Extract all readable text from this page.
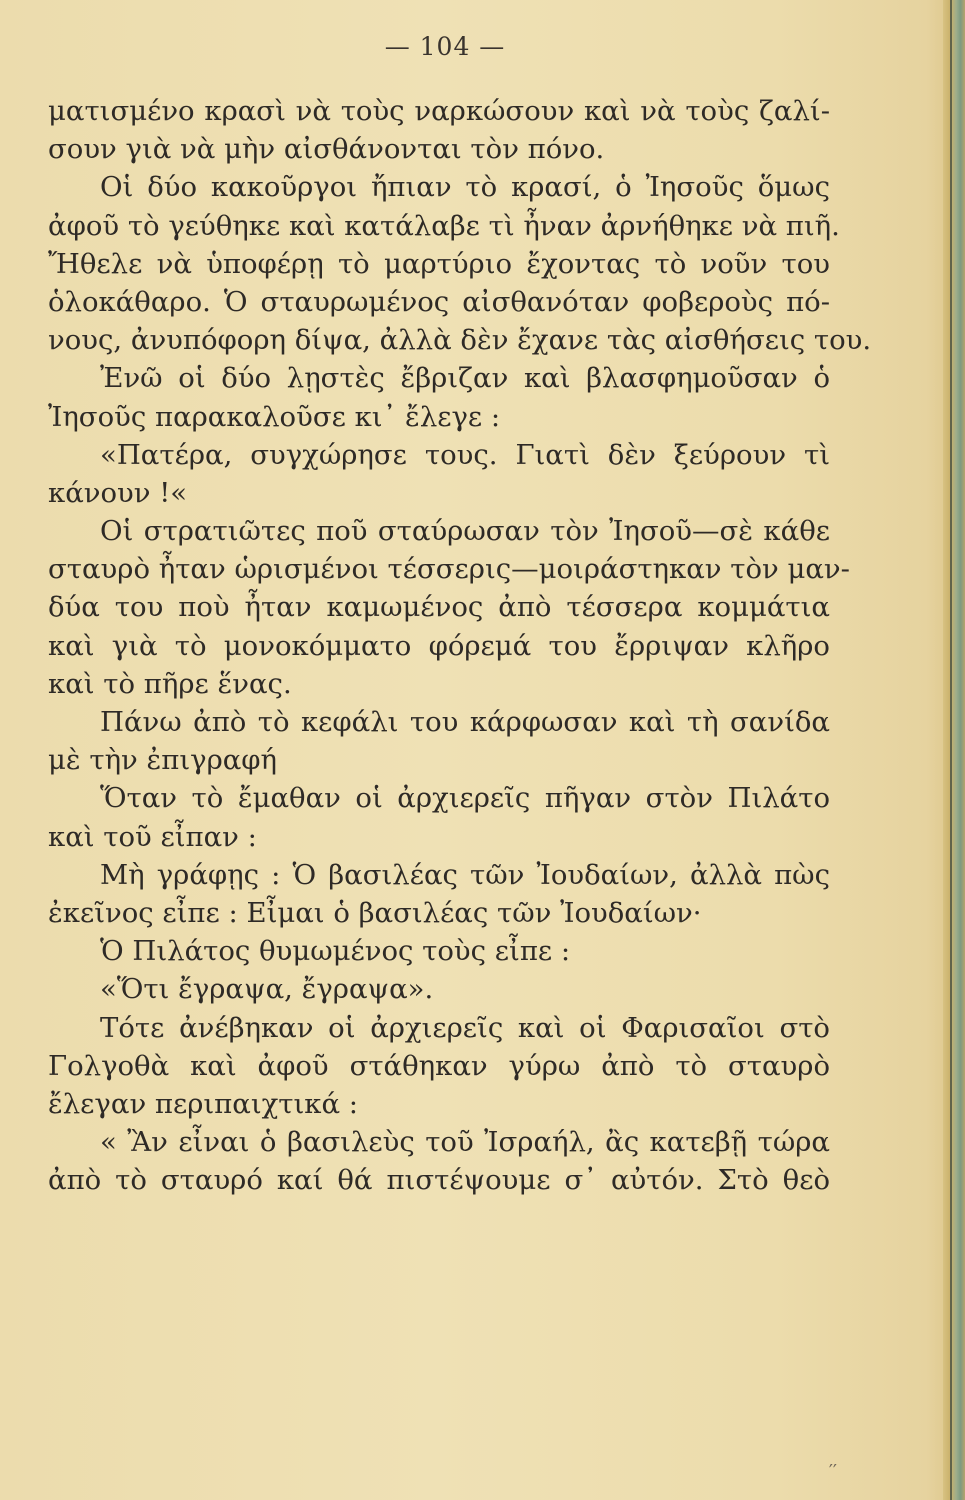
— 104 —
ματισμένο κρασὶ νὰ τοὺς ναρκώσουν καὶ νὰ τοὺς ζαλί-
σουν γιὰ νὰ μὴν αἰσθάνονται τὸν πόνο.
Οἱ δύο κακοῦργοι ἤπιαν τὸ κρασί, ὁ Ἰησοῦς ὅμως
ἀφοῦ τὸ γεύθηκε καὶ κατάλαβε τὶ ἦναν ἀρνήθηκε νὰ πιῆ.
Ἤθελε νὰ ὑποφέρῃ τὸ μαρτύριο ἔχοντας τὸ νοῦν του
ὁλοκάθαρο. Ὁ σταυρωμένος αἰσθανόταν φοβεροὺς πό-
νους, ἀνυπόφορη δίψα, ἀλλὰ δὲν ἔχανε τὰς αἰσθήσεις του.
Ἐνῶ οἱ δύο λῃστὲς ἔβριζαν καὶ βλασφημοῦσαν ὁ
Ἰησοῦς παρακαλοῦσε κι᾿ ἔλεγε :
«Πατέρα, συγχώρησε τους. Γιατὶ δὲν ξεύρουν τὶ
κάνουν !«
Οἱ στρατιῶτες ποῦ σταύρωσαν τὸν Ἰησοῦ—σὲ κάθε
σταυρὸ ἦταν ὡρισμένοι τέσσερις—μοιράστηκαν τὸν μαν-
δύα του ποὺ ἦταν καμωμένος ἀπὸ τέσσερα κομμάτια
καὶ γιὰ τὸ μονοκόμματο φόρεμά του ἔρριψαν κλῆρο
καὶ τὸ πῆρε ἕνας.
Πάνω ἀπὸ τὸ κεφάλι του κάρφωσαν καὶ τὴ σανίδα
μὲ τὴν ἐπιγραφή
Ὅταν τὸ ἔμαθαν οἱ ἀρχιερεῖς πῆγαν στὸν Πιλάτο
καὶ τοῦ εἶπαν :
Μὴ γράφῃς : Ὁ βασιλέας τῶν Ἰουδαίων, ἀλλὰ πὼς
ἐκεῖνος εἶπε : Εἶμαι ὁ βασιλέας τῶν Ἰουδαίων·
Ὁ Πιλάτος θυμωμένος τοὺς εἶπε :
«Ὅτι ἔγραψα, ἔγραψα».
Τότε ἀνέβηκαν οἱ ἀρχιερεῖς καὶ οἱ Φαρισαῖοι στὸ
Γολγοθὰ καὶ ἀφοῦ στάθηκαν γύρω ἀπὸ τὸ σταυρὸ
ἔλεγαν περιπαιχτικά :
« Ἂν εἶναι ὁ βασιλεὺς τοῦ Ἰσραήλ, ἂς κατεβῇ τώρα
ἀπὸ τὸ σταυρό καί θά πιστέψουμε σ᾿ αὐτόν. Στὸ θεὸ
′′
